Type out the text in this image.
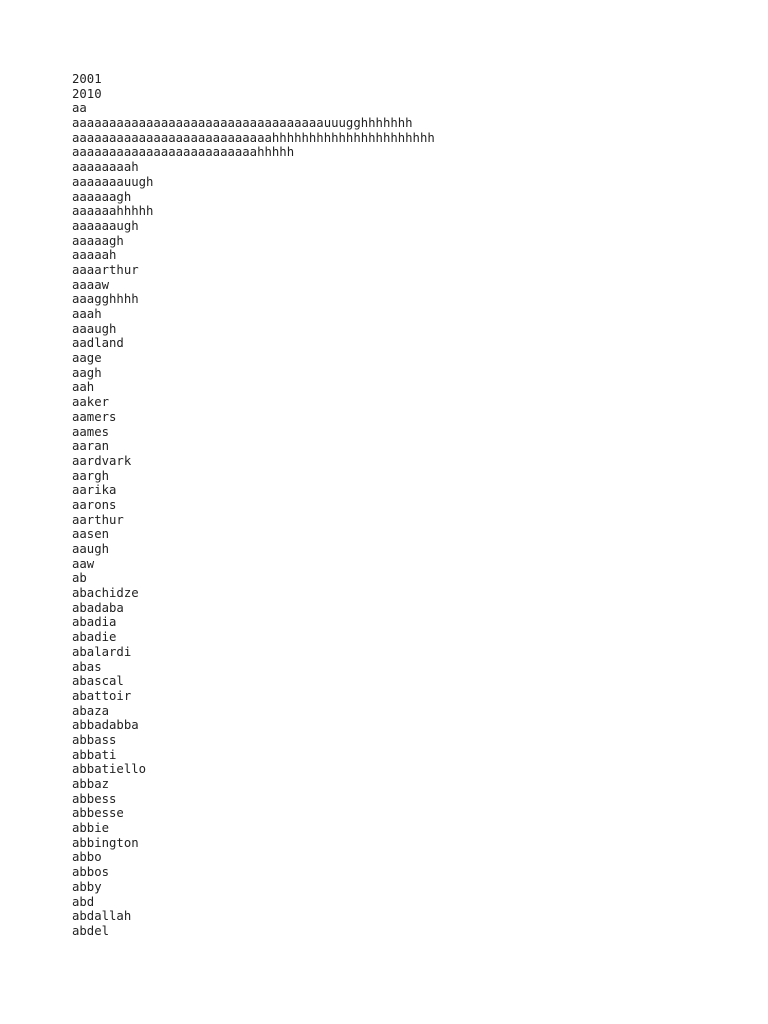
2001
2010
aa
aaaaaaaaaaaaaaaaaaaaaaaaaaaaaaaaaauuugghhhhhhh
aaaaaaaaaaaaaaaaaaaaaaaaaaahhhhhhhhhhhhhhhhhhhhhh
aaaaaaaaaaaaaaaaaaaaaaaaahhhhh
aaaaaaaah
aaaaaaauugh
aaaaaagh
aaaaaahhhhh
aaaaaaugh
aaaaagh
aaaaah
aaaarthur
aaaaw
aaagghhhh
aaah
aaaugh
aadland
aage
aagh
aah
aaker
aamers
aames
aaran
aardvark
aargh
aarika
aarons
aarthur
aasen
aaugh
aaw
ab
abachidze
abadaba
abadia
abadie
abalardi
abas
abascal
abattoir
abaza
abbadabba
abbass
abbati
abbatiello
abbaz
abbess
abbesse
abbie
abbington
abbo
abbos
abby
abd
abdallah
abdel
